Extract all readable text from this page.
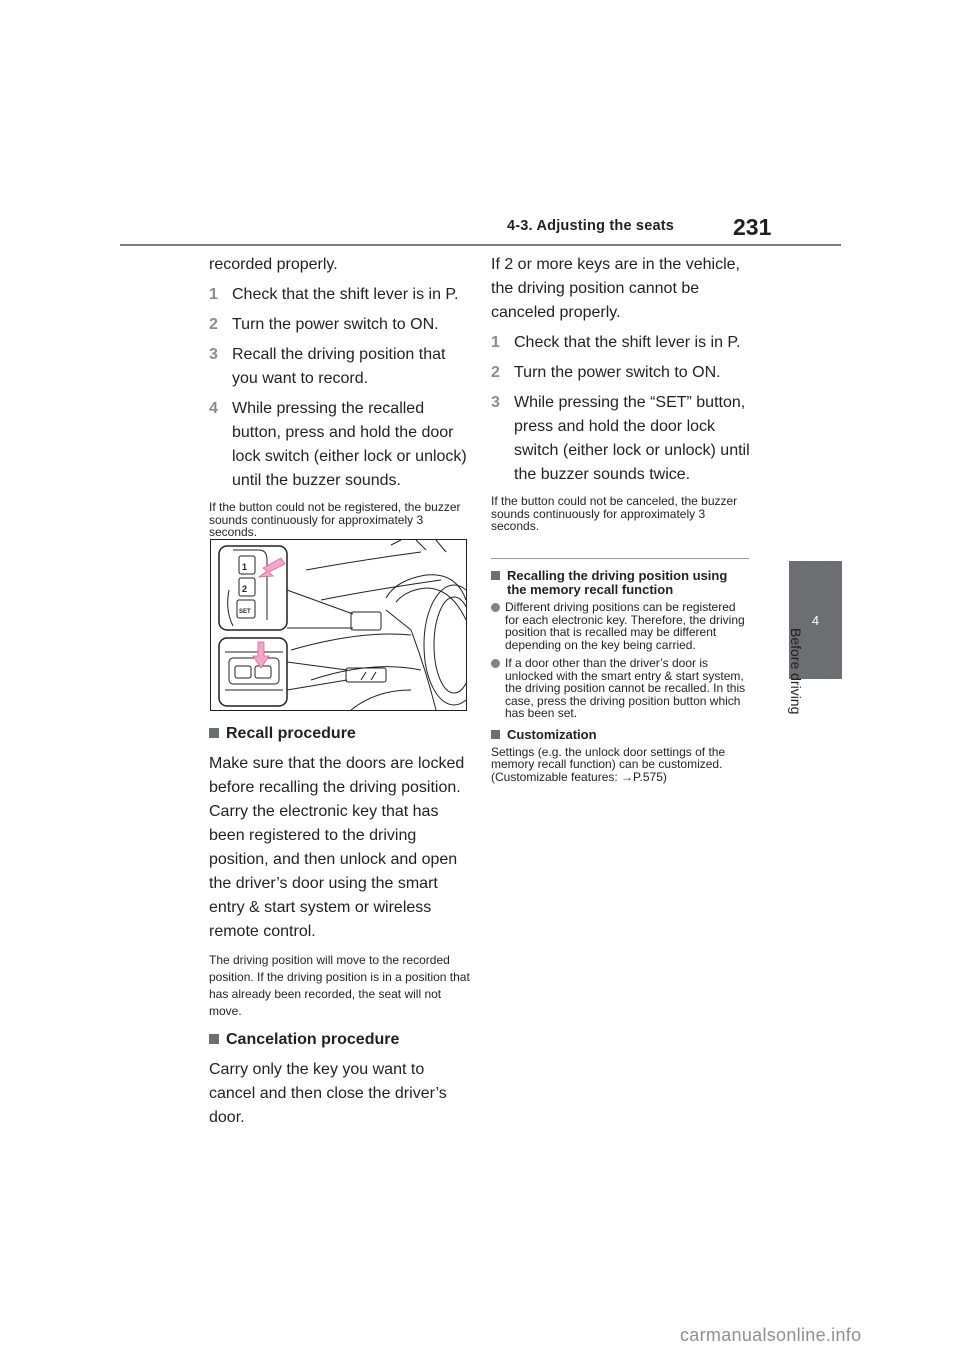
4-3. Adjusting the seats	231
4
Before driving

recorded properly.

1 Check that the shift lever is in P.
2 Turn the power switch to ON.
3 Recall the driving position that you want to record.
4 While pressing the recalled button, press and hold the door lock switch (either lock or unlock) until the buzzer sounds.

If the button could not be registered, the buzzer sounds continuously for approximately 3 seconds.

1
2
SET
Recall procedure

Make sure that the doors are locked before recalling the driving position. Carry the electronic key that has been registered to the driving position, and then unlock and open the driver’s door using the smart entry & start system or wireless remote control.

The driving position will move to the recorded position. If the driving position is in a position that has already been recorded, the seat will not move.

Cancelation procedure

Carry only the key you want to cancel and then close the driver’s door.

If 2 or more keys are in the vehicle, the driving position cannot be canceled properly.

1 Check that the shift lever is in P.
2 Turn the power switch to ON.
3 While pressing the “SET” button, press and hold the door lock switch (either lock or unlock) until the buzzer sounds twice.

If the button could not be canceled, the buzzer sounds continuously for approximately 3 seconds.

Recalling the driving position using the memory recall function
Different driving positions can be registered for each electronic key. Therefore, the driving position that is recalled may be different depending on the key being carried.
If a door other than the driver’s door is unlocked with the smart entry & start system, the driving position cannot be recalled. In this case, press the driving position button which has been set.
Customization
Settings (e.g. the unlock door settings of the memory recall function) can be customized. (Customizable features: →P.575)
carmanualsonline.info
